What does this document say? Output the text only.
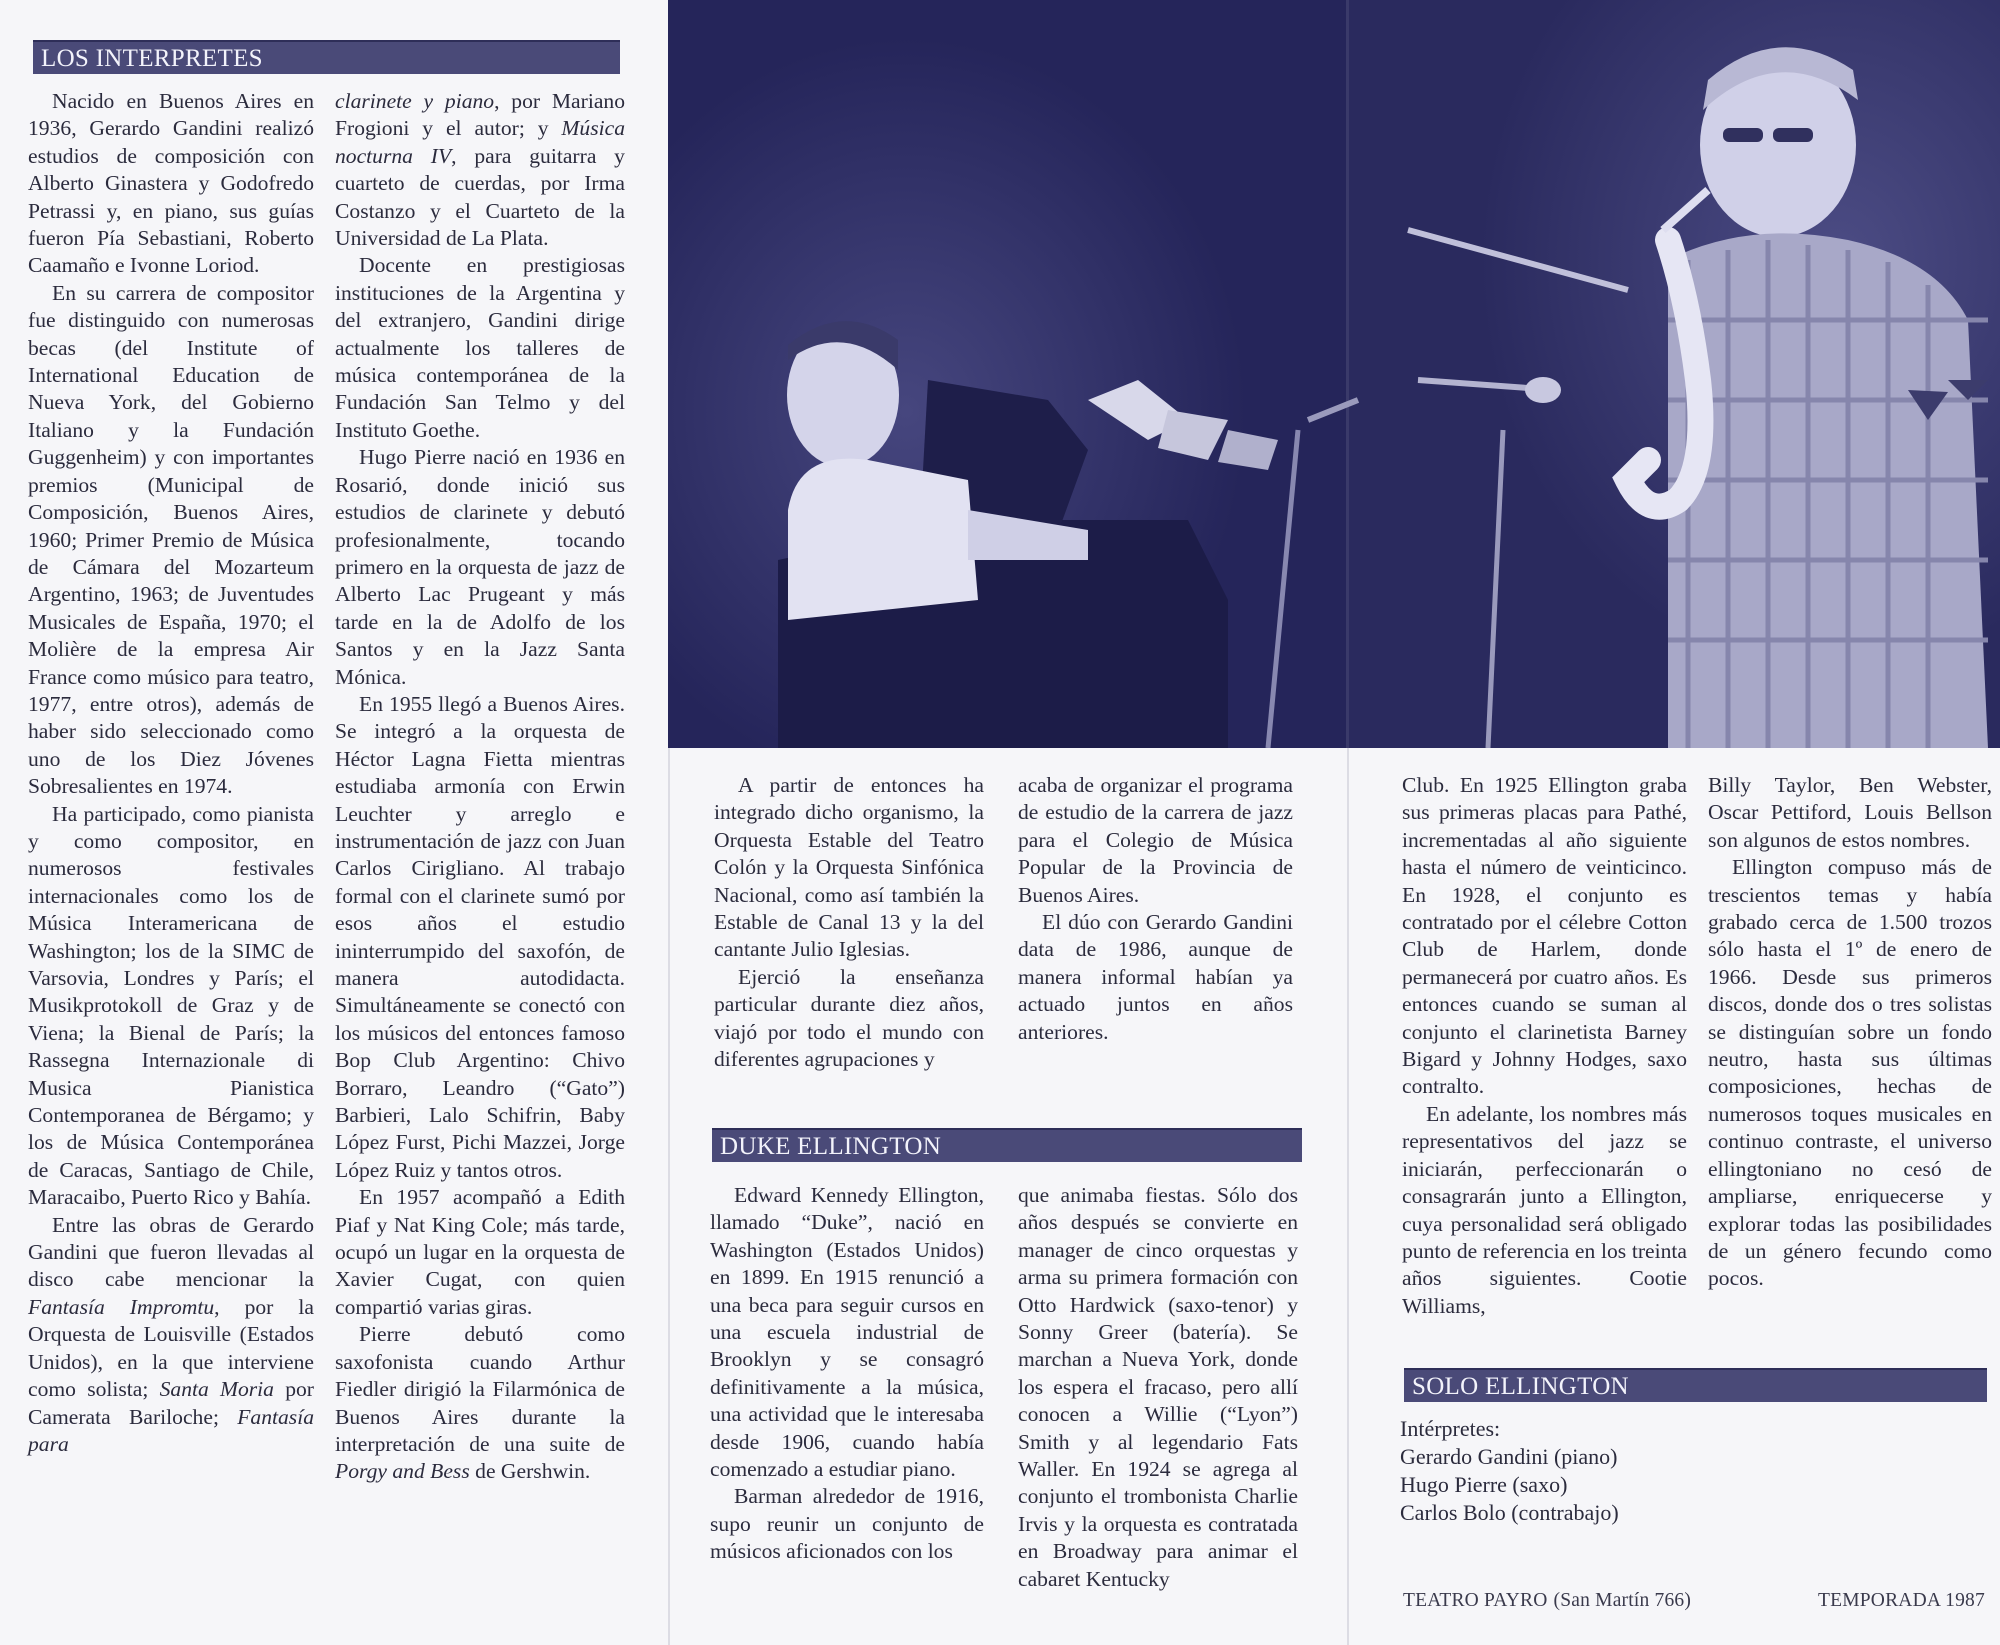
LOS INTERPRETES

Nacido en Buenos Aires en 1936, Gerardo Gandini realizó estudios de composición con Alberto Ginastera y Godofredo Petrassi y, en piano, sus guías fueron Pía Sebastiani, Roberto Caamaño e Ivonne Loriod.

En su carrera de compositor fue distinguido con numerosas becas (del Institute of International Education de Nueva York, del Gobierno Italiano y la Fundación Guggenheim) y con importantes premios (Municipal de Composición, Buenos Aires, 1960; Primer Premio de Música de Cámara del Mozarteum Argentino, 1963; de Juventudes Musicales de España, 1970; el Molière de la empresa Air France como músico para teatro, 1977, entre otros), además de haber sido seleccionado como uno de los Diez Jóvenes Sobresalientes en 1974.

Ha participado, como pianista y como compositor, en numerosos festivales internacionales como los de Música Interamericana de Washington; los de la SIMC de Varsovia, Londres y París; el Musikprotokoll de Graz y de Viena; la Bienal de París; la Rassegna Internazionale di Musica Pianistica Contemporanea de Bérgamo; y los de Música Contemporánea de Caracas, Santiago de Chile, Maracaibo, Puerto Rico y Bahía.

Entre las obras de Gerardo Gandini que fueron llevadas al disco cabe mencionar la Fantasía Impromtu, por la Orquesta de Louisville (Estados Unidos), en la que interviene como solista; Santa Moria por Camerata Bariloche; Fantasía para

clarinete y piano, por Mariano Frogioni y el autor; y Música nocturna IV, para guitarra y cuarteto de cuerdas, por Irma Costanzo y el Cuarteto de la Universidad de La Plata.

Docente en prestigiosas instituciones de la Argentina y del extranjero, Gandini dirige actualmente los talleres de música contemporánea de la Fundación San Telmo y del Instituto Goethe.

Hugo Pierre nació en 1936 en Rosarió, donde inició sus estudios de clarinete y debutó profesionalmente, tocando primero en la orquesta de jazz de Alberto Lac Prugeant y más tarde en la de Adolfo de los Santos y en la Jazz Santa Mónica.

En 1955 llegó a Buenos Aires. Se integró a la orquesta de Héctor Lagna Fietta mientras estudiaba armonía con Erwin Leuchter y arreglo e instrumentación de jazz con Juan Carlos Cirigliano. Al trabajo formal con el clarinete sumó por esos años el estudio ininterrumpido del saxofón, de manera autodidacta. Simultáneamente se conectó con los músicos del entonces famoso Bop Club Argentino: Chivo Borraro, Leandro (“Gato”) Barbieri, Lalo Schifrin, Baby López Furst, Pichi Mazzei, Jorge López Ruiz y tantos otros.

En 1957 acompañó a Edith Piaf y Nat King Cole; más tarde, ocupó un lugar en la orquesta de Xavier Cugat, con quien compartió varias giras.

Pierre debutó como saxofonista cuando Arthur Fiedler dirigió la Filarmónica de Buenos Aires durante la interpretación de una suite de Porgy and Bess de Gershwin.

A partir de entonces ha integrado dicho organismo, la Orquesta Estable del Teatro Colón y la Orquesta Sinfónica Nacional, como así también la Estable de Canal 13 y la del cantante Julio Iglesias.

Ejerció la enseñanza particular durante diez años, viajó por todo el mundo con diferentes agrupaciones y

acaba de organizar el programa de estudio de la carrera de jazz para el Colegio de Música Popular de la Provincia de Buenos Aires.

El dúo con Gerardo Gandini data de 1986, aunque de manera informal habían ya actuado juntos en años anteriores.

DUKE ELLINGTON

Edward Kennedy Ellington, llamado “Duke”, nació en Washington (Estados Unidos) en 1899. En 1915 renunció a una beca para seguir cursos en una escuela industrial de Brooklyn y se consagró definitivamente a la música, una actividad que le interesaba desde 1906, cuando había comenzado a estudiar piano.

Barman alrededor de 1916, supo reunir un conjunto de músicos aficionados con los

que animaba fiestas. Sólo dos años después se convierte en manager de cinco orquestas y arma su primera formación con Otto Hardwick (saxo-tenor) y Sonny Greer (batería). Se marchan a Nueva York, donde los espera el fracaso, pero allí conocen a Willie (“Lyon”) Smith y al legendario Fats Waller. En 1924 se agrega al conjunto el trombonista Charlie Irvis y la orquesta es contratada en Broadway para animar el cabaret Kentucky

Club. En 1925 Ellington graba sus primeras placas para Pathé, incrementadas al año siguiente hasta el número de veinticinco. En 1928, el conjunto es contratado por el célebre Cotton Club de Harlem, donde permanecerá por cuatro años. Es entonces cuando se suman al conjunto el clarinetista Barney Bigard y Johnny Hodges, saxo contralto.

En adelante, los nombres más representativos del jazz se iniciarán, perfeccionarán o consagrarán junto a Ellington, cuya personalidad será obligado punto de referencia en los treinta años siguientes. Cootie Williams,

Billy Taylor, Ben Webster, Oscar Pettiford, Louis Bellson son algunos de estos nombres.

Ellington compuso más de trescientos temas y había grabado cerca de 1.500 trozos sólo hasta el 1º de enero de 1966. Desde sus primeros discos, donde dos o tres solistas se distinguían sobre un fondo neutro, hasta sus últimas composiciones, hechas de numerosos toques musicales en continuo contraste, el universo ellingtoniano no cesó de ampliarse, enriquecerse y explorar todas las posibilidades de un género fecundo como pocos.

SOLO ELLINGTON
Intérpretes:
Gerardo Gandini (piano)
Hugo Pierre (saxo)
Carlos Bolo (contrabajo)
TEATRO PAYRO (San Martín 766)	TEMPORADA 1987
